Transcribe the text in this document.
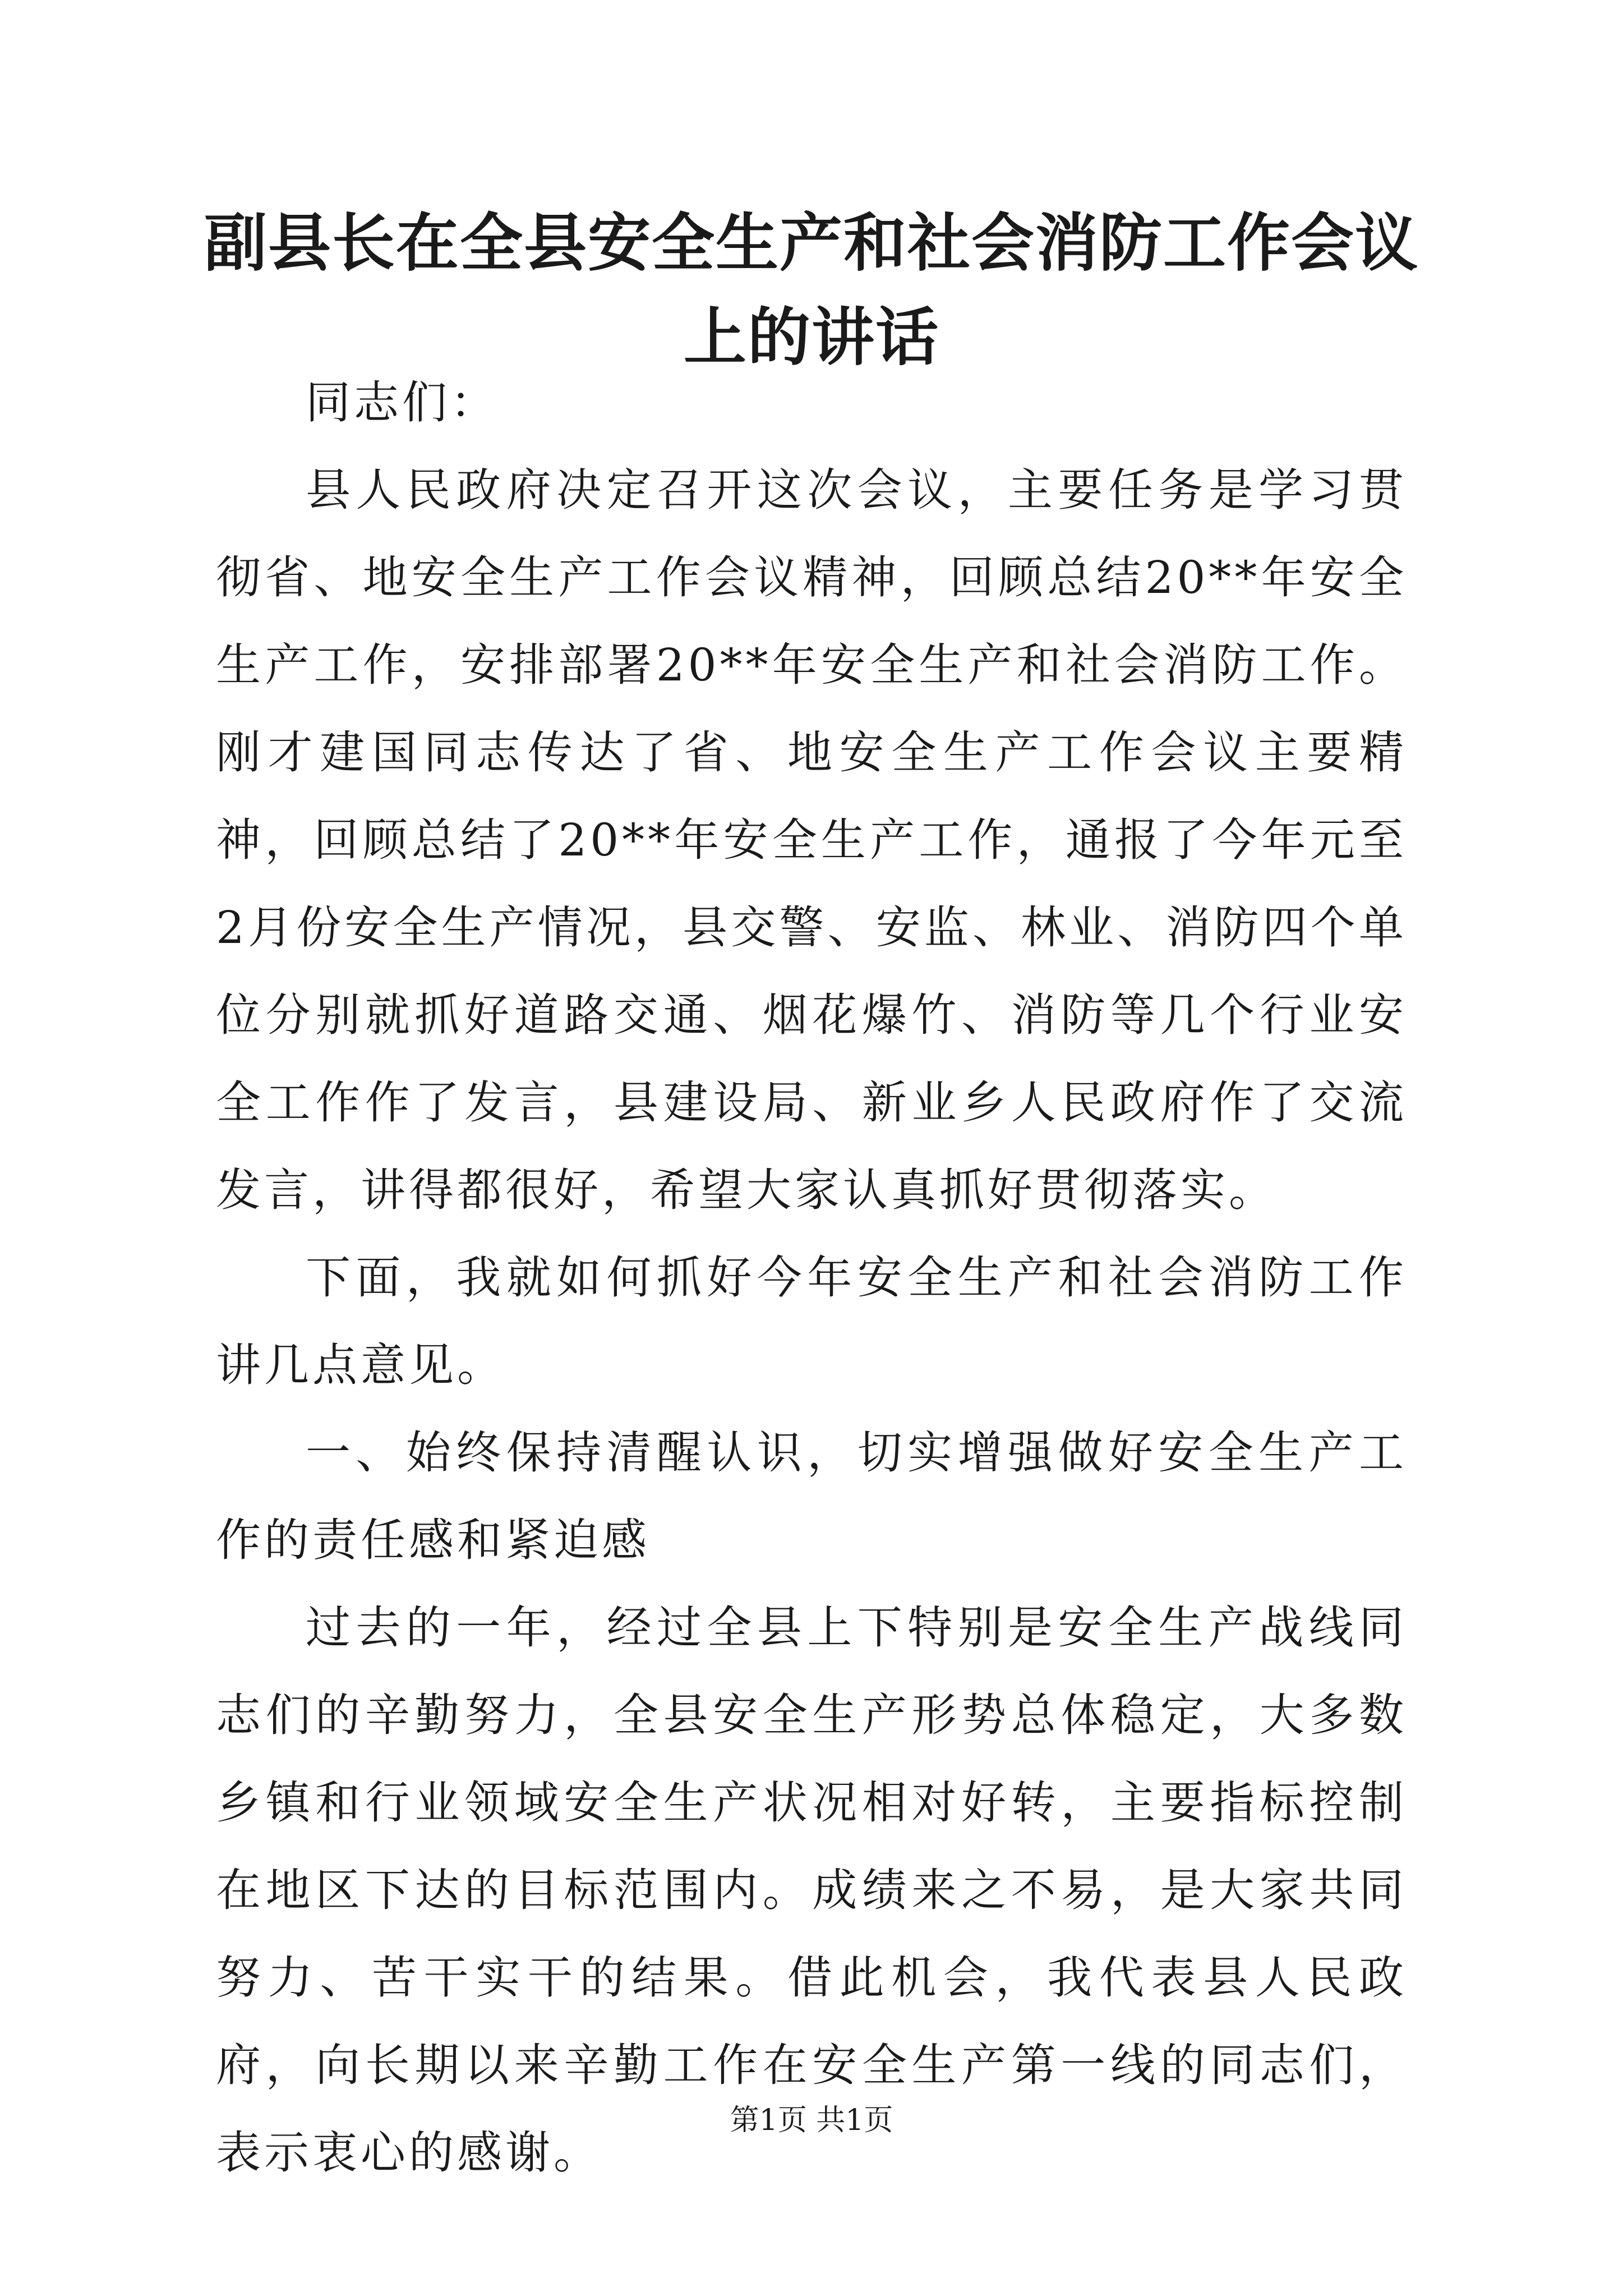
副县长在全县安全生产和社会消防工作会议上的讲话

同志们：

县人民政府决定召开这次会议，主要任务是学习贯彻省、地安全生产工作会议精神，回顾总结20**年安全生产工作，安排部署20**年安全生产和社会消防工作。刚才建国同志传达了省、地安全生产工作会议主要精神，回顾总结了20**年安全生产工作，通报了今年元至2月份安全生产情况，县交警、安监、林业、消防四个单位分别就抓好道路交通、烟花爆竹、消防等几个行业安全工作作了发言，县建设局、新业乡人民政府作了交流发言，讲得都很好，希望大家认真抓好贯彻落实。

下面，我就如何抓好今年安全生产和社会消防工作讲几点意见。

一、始终保持清醒认识，切实增强做好安全生产工作的责任感和紧迫感

过去的一年，经过全县上下特别是安全生产战线同志们的辛勤努力，全县安全生产形势总体稳定，大多数乡镇和行业领域安全生产状况相对好转，主要指标控制在地区下达的目标范围内。成绩来之不易，是大家共同努力、苦干实干的结果。借此机会，我代表县人民政府，向长期以来辛勤工作在安全生产第一线的同志们，表示衷心的感谢。

第1页 共1页
